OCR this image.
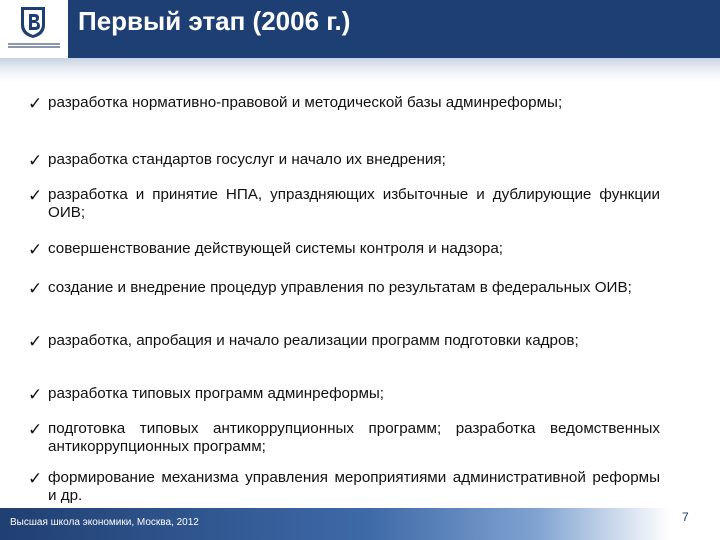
Первый этап (2006 г.)
✓ разработка нормативно-правовой и методической базы админреформы;
✓ разработка стандартов госуслуг и начало их внедрения;
✓ разработка и принятие НПА, упраздняющих избыточные и дублирующие функции ОИВ;
✓ совершенствование действующей системы контроля и надзора;
✓ создание и внедрение процедур управления по результатам в федеральных ОИВ;
✓ разработка, апробация и начало реализации программ подготовки кадров;
✓ разработка типовых программ админреформы;
✓ подготовка типовых антикоррупционных программ; разработка ведомственных антикоррупционных программ;
✓ формирование механизма управления мероприятиями административной реформы и др.
Высшая школа экономики, Москва, 2012	7
